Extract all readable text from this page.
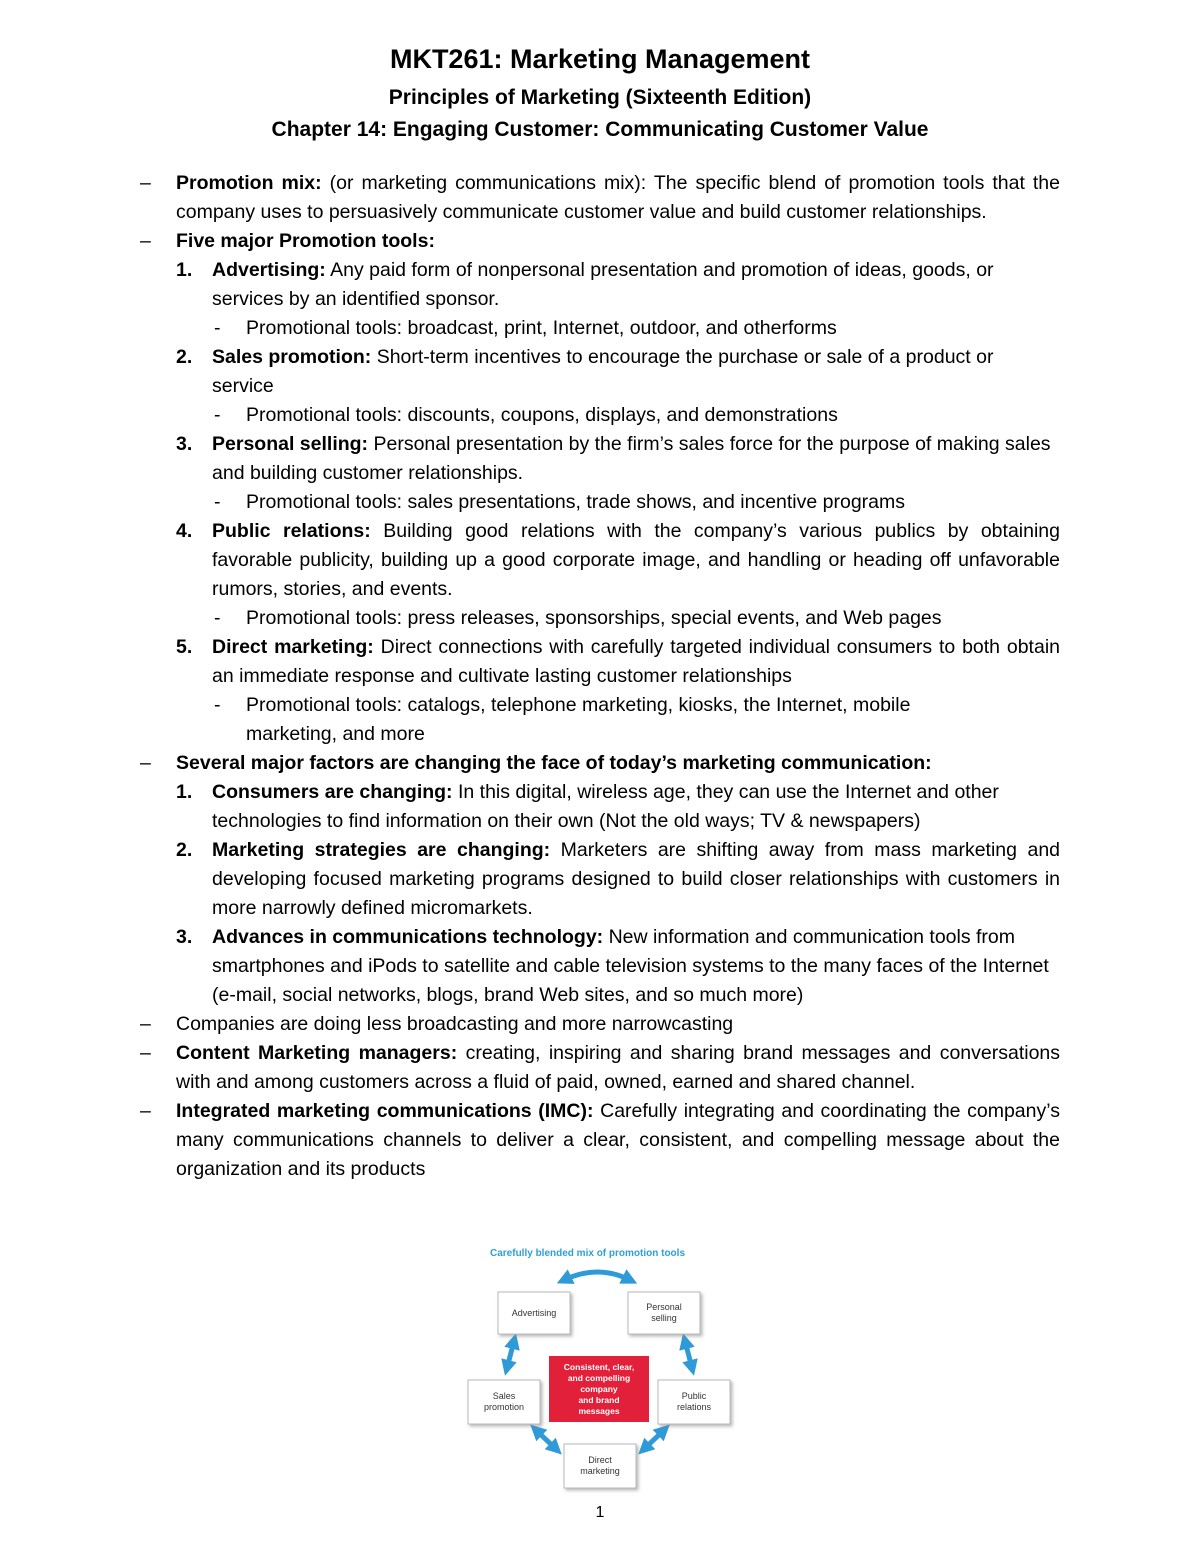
MKT261: Marketing Management
Principles of Marketing (Sixteenth Edition)
Chapter 14: Engaging Customer: Communicating Customer Value
– Promotion mix: (or marketing communications mix): The specific blend of promotion tools that the company uses to persuasively communicate customer value and build customer relationships.
– Five major Promotion tools:
1. Advertising: Any paid form of nonpersonal presentation and promotion of ideas, goods, or services by an identified sponsor.
- Promotional tools: broadcast, print, Internet, outdoor, and otherforms
2. Sales promotion: Short-term incentives to encourage the purchase or sale of a product or service
- Promotional tools: discounts, coupons, displays, and demonstrations
3. Personal selling: Personal presentation by the firm’s sales force for the purpose of making sales and building customer relationships.
- Promotional tools: sales presentations, trade shows, and incentive programs
4. Public relations: Building good relations with the company’s various publics by obtaining favorable publicity, building up a good corporate image, and handling or heading off unfavorable rumors, stories, and events.
- Promotional tools: press releases, sponsorships, special events, and Web pages
5. Direct marketing: Direct connections with carefully targeted individual consumers to both obtain an immediate response and cultivate lasting customer relationships
- Promotional tools: catalogs, telephone marketing, kiosks, the Internet, mobile marketing, and more
– Several major factors are changing the face of today’s marketing communication:
1. Consumers are changing: In this digital, wireless age, they can use the Internet and other technologies to find information on their own (Not the old ways; TV & newspapers)
2. Marketing strategies are changing: Marketers are shifting away from mass marketing and developing focused marketing programs designed to build closer relationships with customers in more narrowly defined micromarkets.
3. Advances in communications technology: New information and communication tools from smartphones and iPods to satellite and cable television systems to the many faces of the Internet (e-mail, social networks, blogs, brand Web sites, and so much more)
– Companies are doing less broadcasting and more narrowcasting
– Content Marketing managers: creating, inspiring and sharing brand messages and conversations with and among customers across a fluid of paid, owned, earned and shared channel.
– Integrated marketing communications (IMC): Carefully integrating and coordinating the company’s many communications channels to deliver a clear, consistent, and compelling message about the organization and its products
Carefully blended mix of promotion tools
Advertising
Personal
selling
Sales
promotion
Public
relations
Direct
marketing
Consistent, clear,
and compelling
company
and brand
messages
1
